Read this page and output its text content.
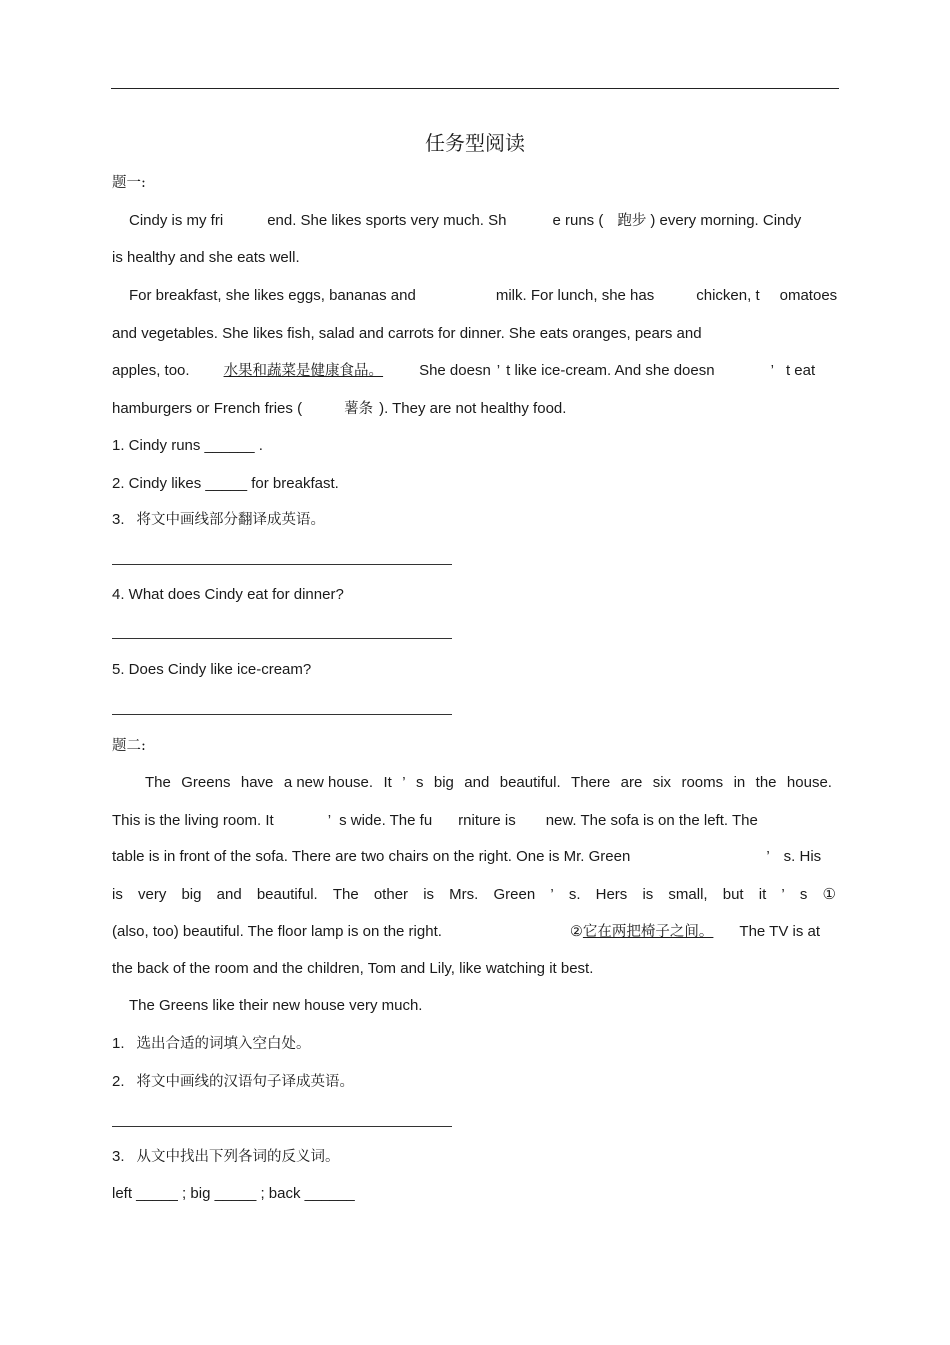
任务型阅读
题一:
Cindy is my fri	end. She likes sports very much. Sh	e runs ( 跑步 ) every morning. Cindy
is healthy and she eats well.
For breakfast, she likes eggs, bananas and	milk. For lunch, she has	chicken, t omatoes
and vegetables. She likes fish, salad and carrots for dinner. She eats oranges, pears and
apples, too. 水果和蔬菜是健康食品。 She doesn ’ t like ice-cream. And she doesn	’ t eat
hamburgers or French fries (	薯条 ). They are not healthy food.
1. Cindy runs ______ .
2. Cindy likes _____ for breakfast.
3. 将文中画线部分翻译成英语。
4. What does Cindy eat for dinner?
5. Does Cindy like ice-cream?
题二:
The Greens have a new house. It ’ s big and beautiful. There are six rooms in the house.
This is the living room. It	’ s wide. The fu rniture is new. The sofa is on the left. The
table is in front of the sofa. There are two chairs on the right. One is Mr. Green	’ s. His
is very big and beautiful. The other is Mrs. Green ’ s. Hers is small, but it ’ s ①
(also, too) beautiful. The floor lamp is on the right.	②它在两把椅子之间。 The TV is at
the back of the room and the children, Tom and Lily, like watching it best.
The Greens like their new house very much.
1. 选出合适的词填入空白处。
2. 将文中画线的汉语句子译成英语。
3. 从文中找出下列各词的反义词。
left _____ ; big _____ ; back ______
